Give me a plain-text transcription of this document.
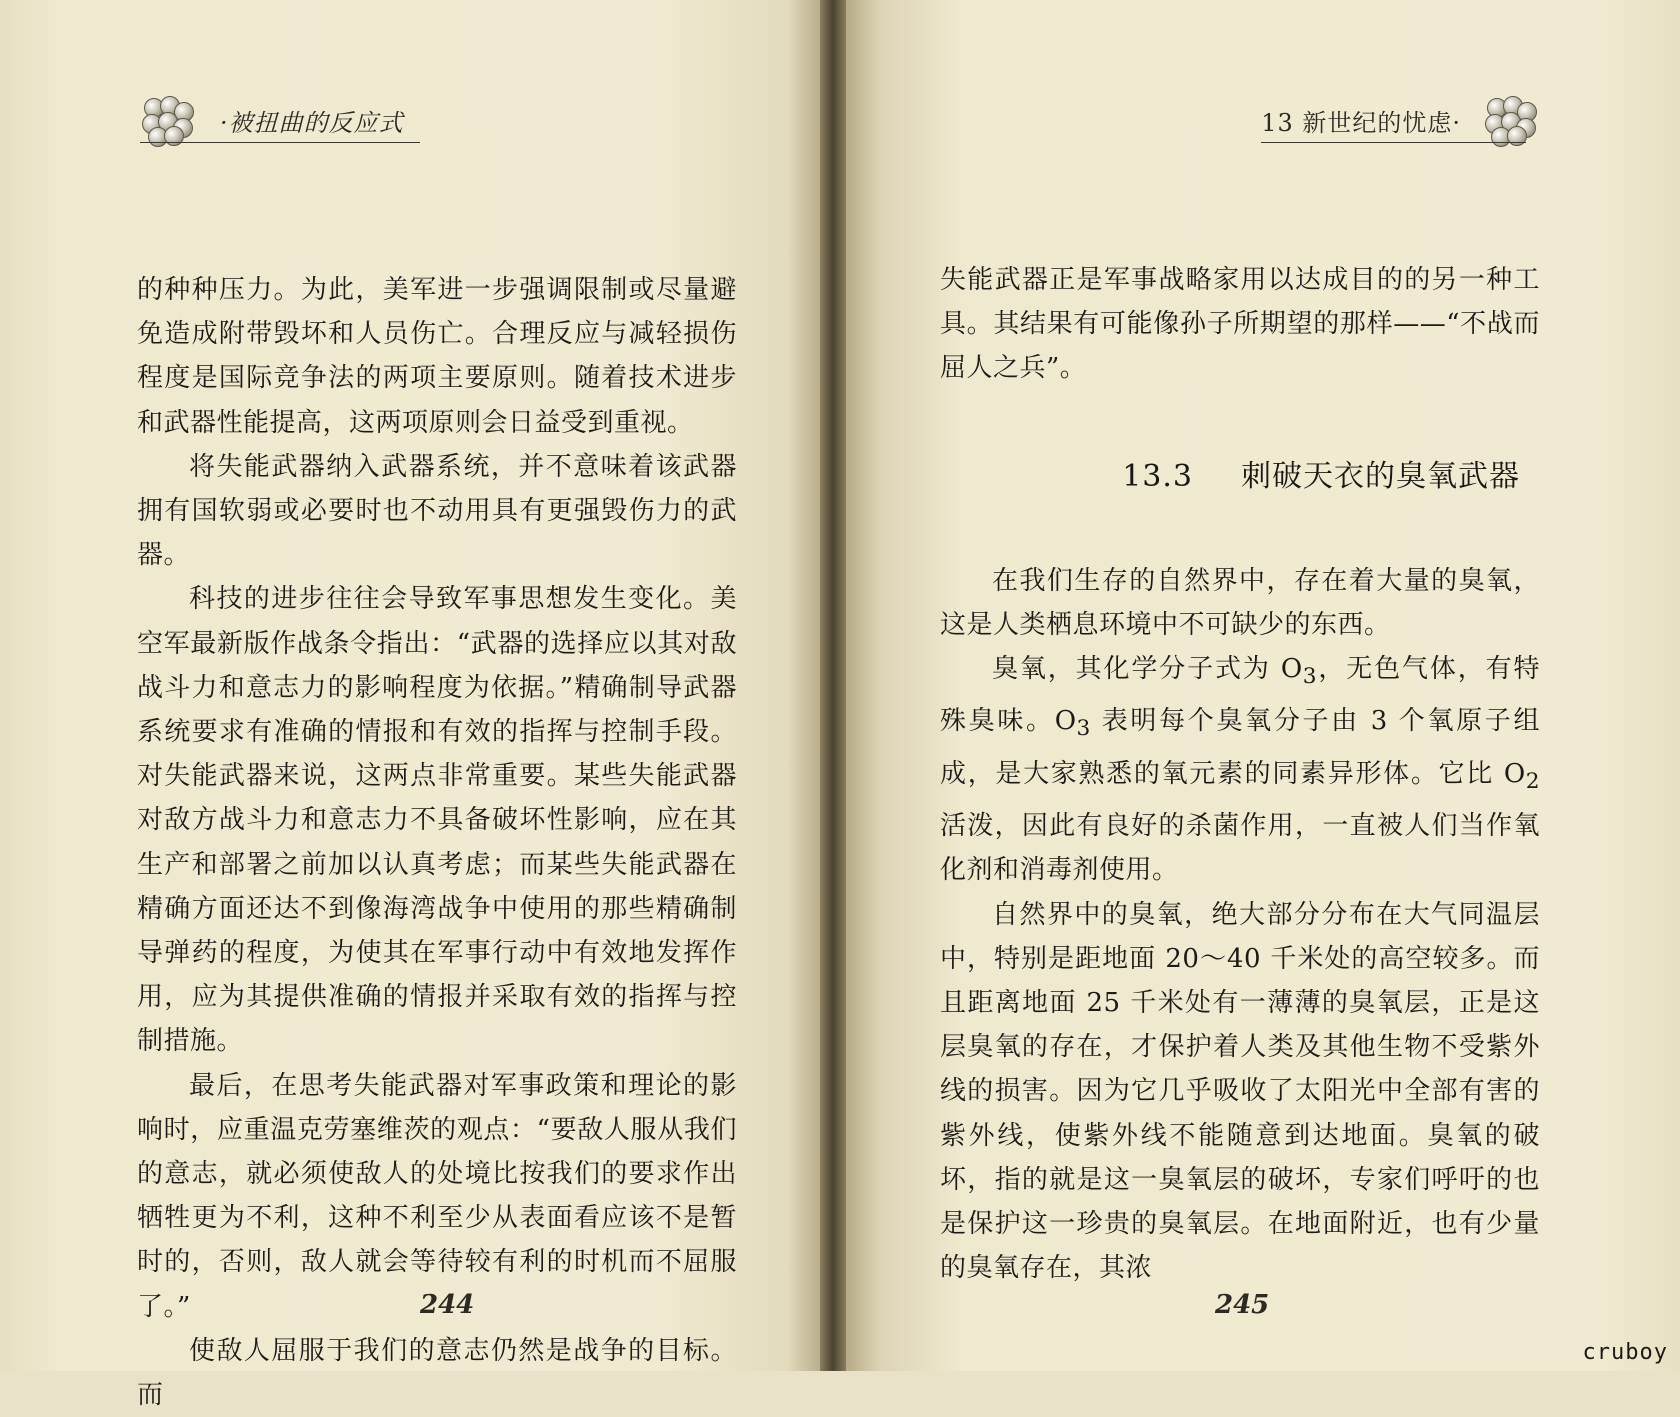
·被扭曲的反应式

的种种压力。为此，美军进一步强调限制或尽量避免造成附带毁坏和人员伤亡。合理反应与减轻损伤程度是国际竞争法的两项主要原则。随着技术进步和武器性能提高，这两项原则会日益受到重视。

将失能武器纳入武器系统，并不意味着该武器拥有国软弱或必要时也不动用具有更强毁伤力的武器。

科技的进步往往会导致军事思想发生变化。美空军最新版作战条令指出：“武器的选择应以其对敌战斗力和意志力的影响程度为依据。”精确制导武器系统要求有准确的情报和有效的指挥与控制手段。对失能武器来说，这两点非常重要。某些失能武器对敌方战斗力和意志力不具备破坏性影响，应在其生产和部署之前加以认真考虑；而某些失能武器在精确方面还达不到像海湾战争中使用的那些精确制导弹药的程度，为使其在军事行动中有效地发挥作用，应为其提供准确的情报并采取有效的指挥与控制措施。

最后，在思考失能武器对军事政策和理论的影响时，应重温克劳塞维茨的观点：“要敌人服从我们的意志，就必须使敌人的处境比按我们的要求作出牺牲更为不利，这种不利至少从表面看应该不是暂时的，否则，敌人就会等待较有利的时机而不屈服了。”

使敌人屈服于我们的意志仍然是战争的目标。而

244
13 新世纪的忧虑·

失能武器正是军事战略家用以达成目的的另一种工具。其结果有可能像孙子所期望的那样——“不战而屈人之兵”。

13.3 刺破天衣的臭氧武器

在我们生存的自然界中，存在着大量的臭氧，这是人类栖息环境中不可缺少的东西。

臭氧，其化学分子式为 $O_3$，无色气体，有特殊臭味。$O_3$ 表明每个臭氧分子由 3 个氧原子组成，是大家熟悉的氧元素的同素异形体。它比 $O_2$ 活泼，因此有良好的杀菌作用，一直被人们当作氧化剂和消毒剂使用。

自然界中的臭氧，绝大部分分布在大气同温层中，特别是距地面 20～40 千米处的高空较多。而且距离地面 25 千米处有一薄薄的臭氧层，正是这层臭氧的存在，才保护着人类及其他生物不受紫外线的损害。因为它几乎吸收了太阳光中全部有害的紫外线，使紫外线不能随意到达地面。臭氧的破坏，指的就是这一臭氧层的破坏，专家们呼吁的也是保护这一珍贵的臭氧层。在地面附近，也有少量的臭氧存在，其浓

245
cruboy
